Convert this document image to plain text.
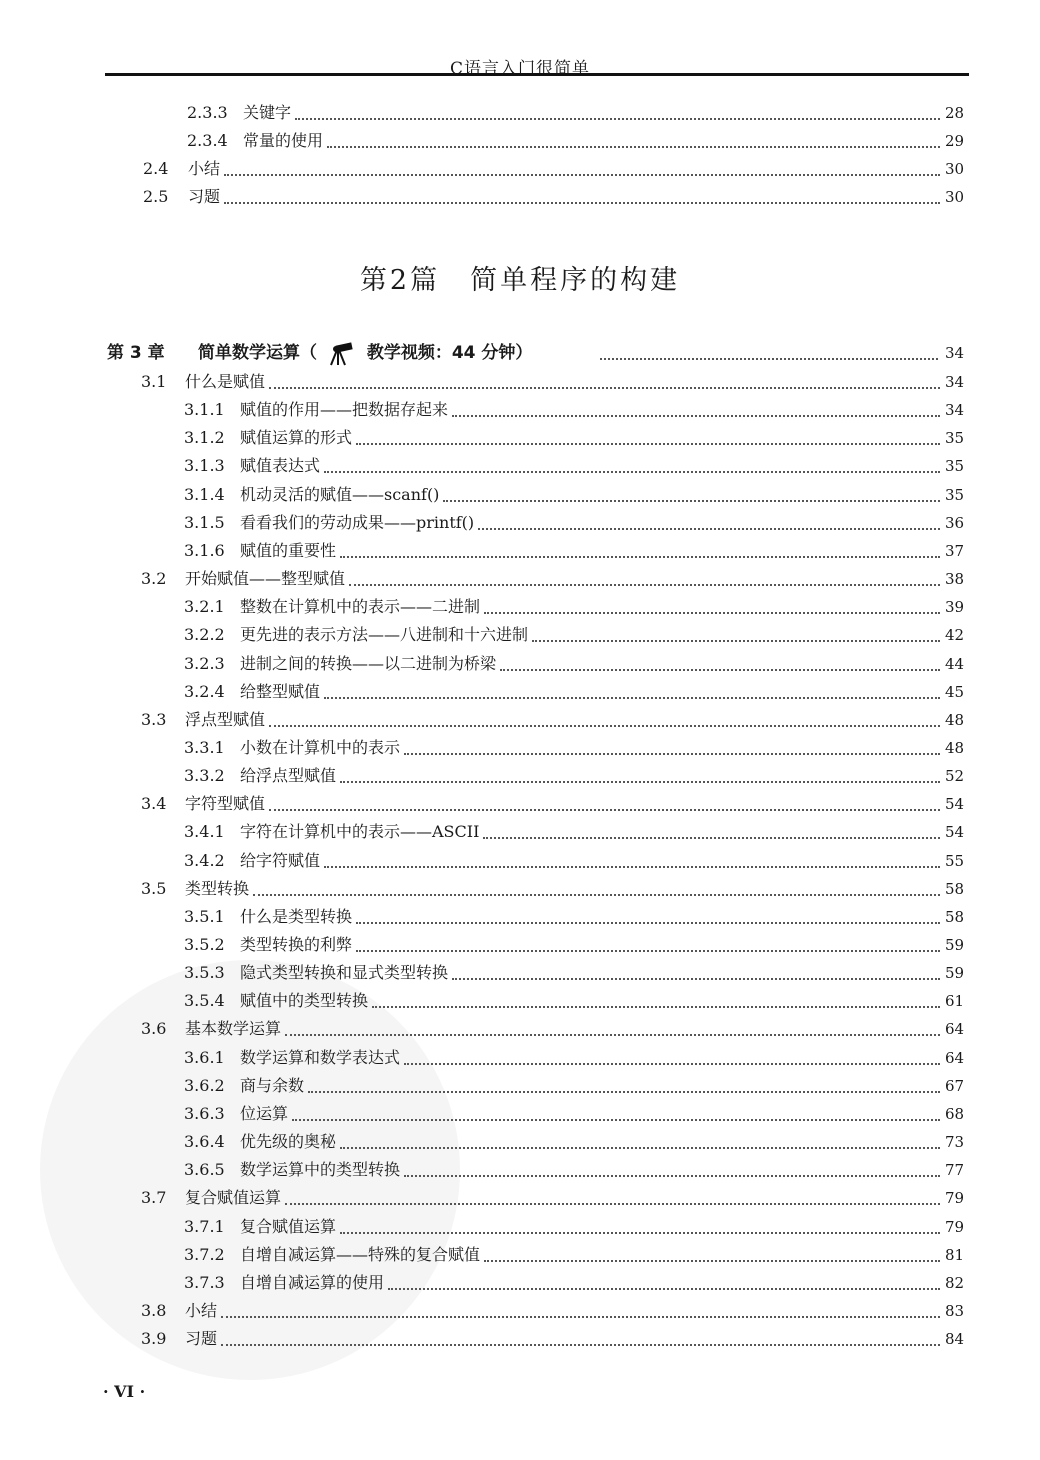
C语言入门很简单
2.3.3 关键字	28
2.3.4 常量的使用	29
2.4 小结	30
2.5 习题	30
第2篇　简单程序的构建
第 3 章 简单数学运算（	教学视频：44 分钟）	34
3.1 什么是赋值	34
3.1.1 赋值的作用——把数据存起来	34
3.1.2 赋值运算的形式	35
3.1.3 赋值表达式	35
3.1.4 机动灵活的赋值——scanf()	35
3.1.5 看看我们的劳动成果——printf()	36
3.1.6 赋值的重要性	37
3.2 开始赋值——整型赋值	38
3.2.1 整数在计算机中的表示——二进制	39
3.2.2 更先进的表示方法——八进制和十六进制	42
3.2.3 进制之间的转换——以二进制为桥梁	44
3.2.4 给整型赋值	45
3.3 浮点型赋值	48
3.3.1 小数在计算机中的表示	48
3.3.2 给浮点型赋值	52
3.4 字符型赋值	54
3.4.1 字符在计算机中的表示——ASCII	54
3.4.2 给字符赋值	55
3.5 类型转换	58
3.5.1 什么是类型转换	58
3.5.2 类型转换的利弊	59
3.5.3 隐式类型转换和显式类型转换	59
3.5.4 赋值中的类型转换	61
3.6 基本数学运算	64
3.6.1 数学运算和数学表达式	64
3.6.2 商与余数	67
3.6.3 位运算	68
3.6.4 优先级的奥秘	73
3.6.5 数学运算中的类型转换	77
3.7 复合赋值运算	79
3.7.1 复合赋值运算	79
3.7.2 自增自减运算——特殊的复合赋值	81
3.7.3 自增自减运算的使用	82
3.8 小结	83
3.9 习题	84
· VI ·
